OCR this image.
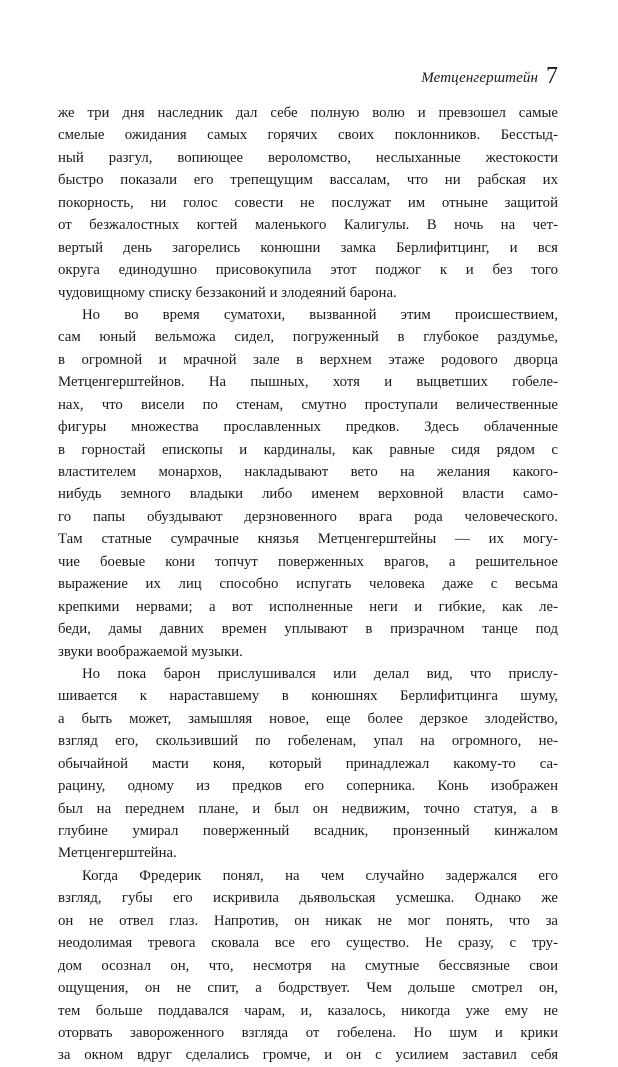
Метценгерштейн 7
же три дня наследник дал себе полную волю и превзошел самые
смелые ожидания самых горячих своих поклонников. Бесстыд-
ный разгул, вопиющее вероломство, неслыханные жестокости
быстро показали его трепещущим вассалам, что ни рабская их
покорность, ни голос совести не послужат им отныне защитой
от безжалостных когтей маленького Калигулы. В ночь на чет-
вертый день загорелись конюшни замка Берлифитцинг, и вся
округа единодушно присовокупила этот поджог к и без того
чудовищному списку беззаконий и злодеяний барона.
Но во время суматохи, вызванной этим происшествием,
сам юный вельможа сидел, погруженный в глубокое раздумье,
в огромной и мрачной зале в верхнем этаже родового дворца
Метценгерштейнов. На пышных, хотя и выцветших гобеле-
нах, что висели по стенам, смутно проступали величественные
фигуры множества прославленных предков. Здесь облаченные
в горностай епископы и кардиналы, как равные сидя рядом с
властителем монархов, накладывают вето на желания какого-
нибудь земного владыки либо именем верховной власти само-
го папы обуздывают дерзновенного врага рода человеческого.
Там статные сумрачные князья Метценгерштейны — их могу-
чие боевые кони топчут поверженных врагов, а решительное
выражение их лиц способно испугать человека даже с весьма
крепкими нервами; а вот исполненные неги и гибкие, как ле-
беди, дамы давних времен уплывают в призрачном танце под
звуки воображаемой музыки.
Но пока барон прислушивался или делал вид, что прислу-
шивается к нараставшему в конюшнях Берлифитцинга шуму,
а быть может, замышляя новое, еще более дерзкое злодейство,
взгляд его, скользивший по гобеленам, упал на огромного, не-
обычайной масти коня, который принадлежал какому-то са-
рацину, одному из предков его соперника. Конь изображен
был на переднем плане, и был он недвижим, точно статуя, а в
глубине умирал поверженный всадник, пронзенный кинжалом
Метценгерштейна.
Когда Фредерик понял, на чем случайно задержался его
взгляд, губы его искривила дьявольская усмешка. Однако же
он не отвел глаз. Напротив, он никак не мог понять, что за
неодолимая тревога сковала все его существо. Не сразу, с тру-
дом осознал он, что, несмотря на смутные бессвязные свои
ощущения, он не спит, а бодрствует. Чем дольше смотрел он,
тем больше поддавался чарам, и, казалось, никогда уже ему не
оторвать завороженного взгляда от гобелена. Но шум и крики
за окном вдруг сделались громче, и он с усилием заставил себя
